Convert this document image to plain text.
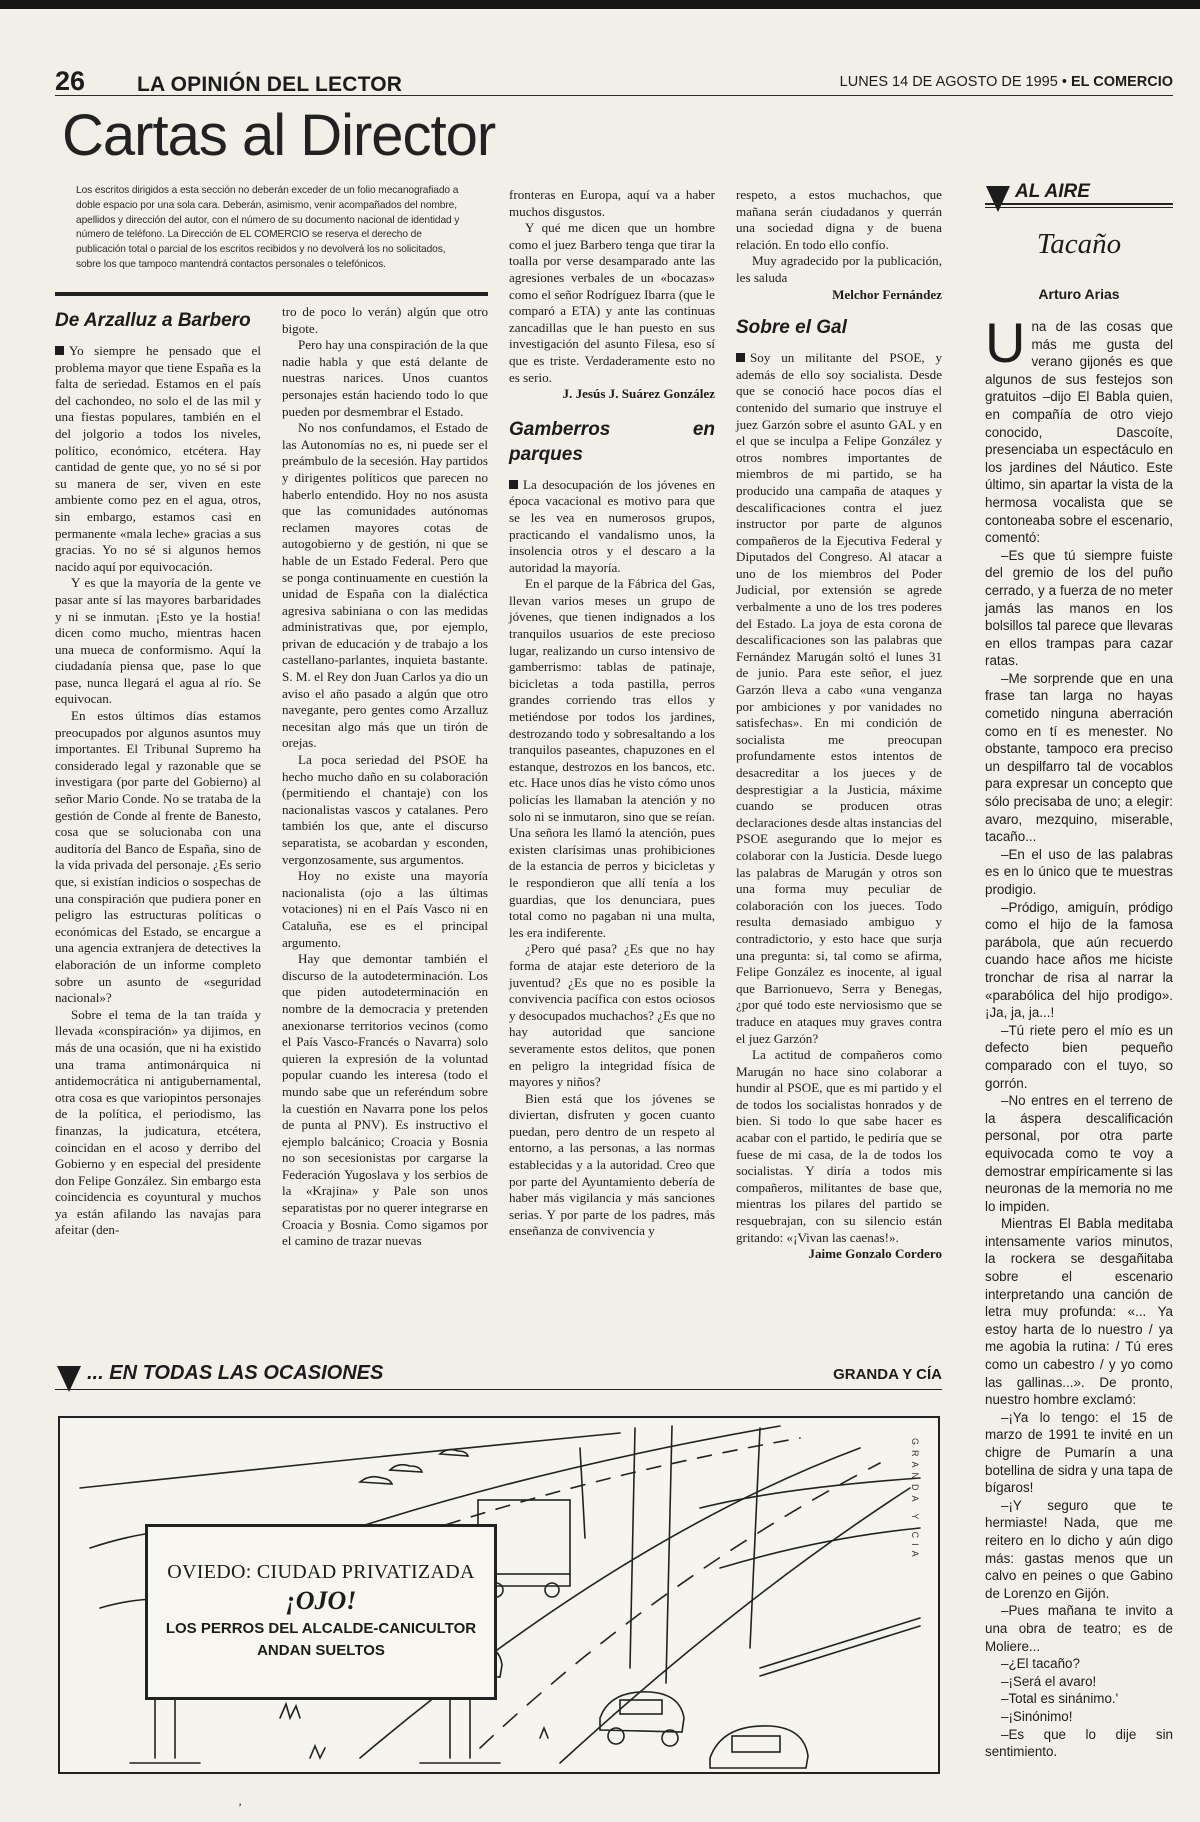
26 LA OPINIÓN DEL LECTOR	LUNES 14 DE AGOSTO DE 1995 • EL COMERCIO
Cartas al Director
Los escritos dirigidos a esta sección no deberán exceder de un folio mecanografiado a doble espacio por una sola cara. Deberán, asimismo, venir acompañados del nombre, apellidos y dirección del autor, con el número de su documento nacional de identidad y número de teléfono. La Dirección de EL COMERCIO se reserva el derecho de publicación total o parcial de los escritos recibidos y no devolverá los no solicitados, sobre los que tampoco mantendrá contactos personales o telefónicos.
De Arzalluz a Barbero

Yo siempre he pensado que el problema mayor que tiene España es la falta de seriedad. Estamos en el país del cachondeo, no solo el de las mil y una fiestas populares, también en el del jolgorio a todos los niveles, político, económico, etcétera. Hay cantidad de gente que, yo no sé si por su manera de ser, viven en este ambiente como pez en el agua, otros, sin embargo, estamos casi en permanente «mala leche» gracias a sus gracias. Yo no sé si algunos hemos nacido aquí por equivocación.

Y es que la mayoría de la gente ve pasar ante sí las mayores barbaridades y ni se inmutan. ¡Esto ye la hostia! dicen como mucho, mientras hacen una mueca de conformismo. Aquí la ciudadanía piensa que, pase lo que pase, nunca llegará el agua al río. Se equivocan.

En estos últimos días estamos preocupados por algunos asuntos muy importantes. El Tribunal Supremo ha considerado legal y razonable que se investigara (por parte del Gobierno) al señor Mario Conde. No se trataba de la gestión de Conde al frente de Banesto, cosa que se solucionaba con una auditoría del Banco de España, sino de la vida privada del personaje. ¿Es serio que, si existían indicios o sospechas de una conspiración que pudiera poner en peligro las estructuras políticas o económicas del Estado, se encargue a una agencia extranjera de detectives la elaboración de un informe completo sobre un asunto de «seguridad nacional»?

Sobre el tema de la tan traída y llevada «conspiración» ya dijimos, en más de una ocasión, que ni ha existido una trama antimonárquica ni antidemocrática ni antigubernamental, otra cosa es que variopintos personajes de la política, el periodismo, las finanzas, la judicatura, etcétera, coincidan en el acoso y derribo del Gobierno y en especial del presidente don Felipe González. Sin embargo esta coincidencia es coyuntural y muchos ya están afilando las navajas para afeitar (den-

tro de poco lo verán) algún que otro bigote.

Pero hay una conspiración de la que nadie habla y que está delante de nuestras narices. Unos cuantos personajes están haciendo todo lo que pueden por desmembrar el Estado.

No nos confundamos, el Estado de las Autonomías no es, ni puede ser el preámbulo de la secesión. Hay partidos y dirigentes políticos que parecen no haberlo entendido. Hoy no nos asusta que las comunidades autónomas reclamen mayores cotas de autogobierno y de gestión, ni que se hable de un Estado Federal. Pero que se ponga continuamente en cuestión la unidad de España con la dialéctica agresiva sabiniana o con las medidas administrativas que, por ejemplo, privan de educación y de trabajo a los castellano-parlantes, inquieta bastante. S. M. el Rey don Juan Carlos ya dio un aviso el año pasado a algún que otro navegante, pero gentes como Arzalluz necesitan algo más que un tirón de orejas.

La poca seriedad del PSOE ha hecho mucho daño en su colaboración (permitiendo el chantaje) con los nacionalistas vascos y catalanes. Pero también los que, ante el discurso separatista, se acobardan y esconden, vergonzosamente, sus argumentos.

Hoy no existe una mayoría nacionalista (ojo a las últimas votaciones) ni en el País Vasco ni en Cataluña, ese es el principal argumento.

Hay que demontar también el discurso de la autodeterminación. Los que piden autodeterminación en nombre de la democracia y pretenden anexionarse territorios vecinos (como el País Vasco-Francés o Navarra) solo quieren la expresión de la voluntad popular cuando les interesa (todo el mundo sabe que un referéndum sobre la cuestión en Navarra pone los pelos de punta al PNV). Es instructivo el ejemplo balcánico; Croacia y Bosnia no son secesionistas por cargarse la Federación Yugoslava y los serbios de la «Krajina» y Pale son unos separatistas por no querer integrarse en Croacia y Bosnia. Como sigamos por el camino de trazar nuevas

fronteras en Europa, aquí va a haber muchos disgustos.

Y qué me dicen que un hombre como el juez Barbero tenga que tirar la toalla por verse desamparado ante las agresiones verbales de un «bocazas» como el señor Rodríguez Ibarra (que le comparó a ETA) y ante las continuas zancadillas que le han puesto en sus investigación del asunto Filesa, eso sí que es triste. Verdaderamente esto no es serio.

J. Jesús J. Suárez González
Gamberros en parques

La desocupación de los jóvenes en época vacacional es motivo para que se les vea en numerosos grupos, practicando el vandalismo unos, la insolencia otros y el descaro a la autoridad la mayoría.

En el parque de la Fábrica del Gas, llevan varios meses un grupo de jóvenes, que tienen indignados a los tranquilos usuarios de este precioso lugar, realizando un curso intensivo de gamberrismo: tablas de patinaje, bicicletas a toda pastilla, perros grandes corriendo tras ellos y metiéndose por todos los jardines, destrozando todo y sobresaltando a los tranquilos paseantes, chapuzones en el estanque, destrozos en los bancos, etc. etc. Hace unos días he visto cómo unos policías les llamaban la atención y no solo ni se inmutaron, sino que se reían. Una señora les llamó la atención, pues existen clarísimas unas prohibiciones de la estancia de perros y bicicletas y le respondieron que allí tenía a los guardias, que los denunciara, pues total como no pagaban ni una multa, les era indiferente.

¿Pero qué pasa? ¿Es que no hay forma de atajar este deterioro de la juventud? ¿Es que no es posible la convivencia pacífica con estos ociosos y desocupados muchachos? ¿Es que no hay autoridad que sancione severamente estos delitos, que ponen en peligro la integridad física de mayores y niños?

Bien está que los jóvenes se diviertan, disfruten y gocen cuanto puedan, pero dentro de un respeto al entorno, a las personas, a las normas establecidas y a la autoridad. Creo que por parte del Ayuntamiento debería de haber más vigilancia y más sanciones serias. Y por parte de los padres, más enseñanza de convivencia y

respeto, a estos muchachos, que mañana serán ciudadanos y querrán una sociedad digna y de buena relación. En todo ello confío.

Muy agradecido por la publicación, les saluda

Melchor Fernández
Sobre el Gal

Soy un militante del PSOE, y además de ello soy socialista. Desde que se conoció hace pocos días el contenido del sumario que instruye el juez Garzón sobre el asunto GAL y en el que se inculpa a Felipe González y otros nombres importantes de miembros de mi partido, se ha producido una campaña de ataques y descalificaciones contra el juez instructor por parte de algunos compañeros de la Ejecutiva Federal y Diputados del Congreso. Al atacar a uno de los miembros del Poder Judicial, por extensión se agrede verbalmente a uno de los tres poderes del Estado. La joya de esta corona de descalificaciones son las palabras que Fernández Marugán soltó el lunes 31 de junio. Para este señor, el juez Garzón lleva a cabo «una venganza por ambiciones y por vanidades no satisfechas». En mi condición de socialista me preocupan profundamente estos intentos de desacreditar a los jueces y de desprestigiar a la Justicia, máxime cuando se producen otras declaraciones desde altas instancias del PSOE asegurando que lo mejor es colaborar con la Justicia. Desde luego las palabras de Marugán y otros son una forma muy peculiar de colaboración con los jueces. Todo resulta demasiado ambiguo y contradictorio, y esto hace que surja una pregunta: si, tal como se afirma, Felipe González es inocente, al igual que Barrionuevo, Serra y Benegas, ¿por qué todo este nerviosismo que se traduce en ataques muy graves contra el juez Garzón?

La actitud de compañeros como Marugán no hace sino colaborar a hundir al PSOE, que es mi partido y el de todos los socialistas honrados y de bien. Si todo lo que sabe hacer es acabar con el partido, le pediría que se fuese de mi casa, de la de todos los socialistas. Y diría a todos mis compañeros, militantes de base que, mientras los pilares del partido se resquebrajan, con su silencio están gritando: «¡Vivan las caenas!».

Jaime Gonzalo Cordero
AL AIRE
Tacaño
Arturo Arias

Una de las cosas que más me gusta del verano gijonés es que algunos de sus festejos son gratuitos –dijo El Babla quien, en compañía de otro viejo conocido, Dascoíte, presenciaba un espectáculo en los jardines del Náutico. Este último, sin apartar la vista de la hermosa vocalista que se contoneaba sobre el escenario, comentó:

–Es que tú siempre fuiste del gremio de los del puño cerrado, y a fuerza de no meter jamás las manos en los bolsillos tal parece que llevaras en ellos trampas para cazar ratas.

–Me sorprende que en una frase tan larga no hayas cometido ninguna aberración como en tí es menester. No obstante, tampoco era preciso un despilfarro tal de vocablos para expresar un concepto que sólo precisaba de uno; a elegir: avaro, mezquino, miserable, tacaño...

–En el uso de las palabras es en lo único que te muestras prodigio.

–Pródigo, amiguín, pródigo como el hijo de la famosa parábola, que aún recuerdo cuando hace años me hiciste tronchar de risa al narrar la «parabólica del hijo prodigo». ¡Ja, ja, ja...!

–Tú riete pero el mío es un defecto bien pequeño comparado con el tuyo, so gorrón.

–No entres en el terreno de la áspera descalificación personal, por otra parte equivocada como te voy a demostrar empíricamente si las neuronas de la memoria no me lo impiden.

Mientras El Babla meditaba intensamente varios minutos, la rockera se desgañitaba sobre el escenario interpretando una canción de letra muy profunda: «... Ya estoy harta de lo nuestro / ya me agobia la rutina: / Tú eres como un cabestro / y yo como las gallinas...». De pronto, nuestro hombre exclamó:

–¡Ya lo tengo: el 15 de marzo de 1991 te invité en un chigre de Pumarín a una botellina de sidra y una tapa de bígaros!

–¡Y seguro que te hermiaste! Nada, que me reitero en lo dicho y aún digo más: gastas menos que un calvo en peines o que Gabino de Lorenzo en Gijón.

–Pues mañana te invito a una obra de teatro; es de Moliere...

–¿El tacaño?

–¡Será el avaro!

–Total es sinánimo.'

–¡Sinónimo!

–Es que lo dije sin sentimiento.

... EN TODAS LAS OCASIONES	GRANDA Y CÍA
OVIEDO: CIUDAD PRIVATIZADA
¡OJO!
LOS PERROS DEL ALCALDE-CANICULTOR
ANDAN SUELTOS
GRANDA Y CIA
’
